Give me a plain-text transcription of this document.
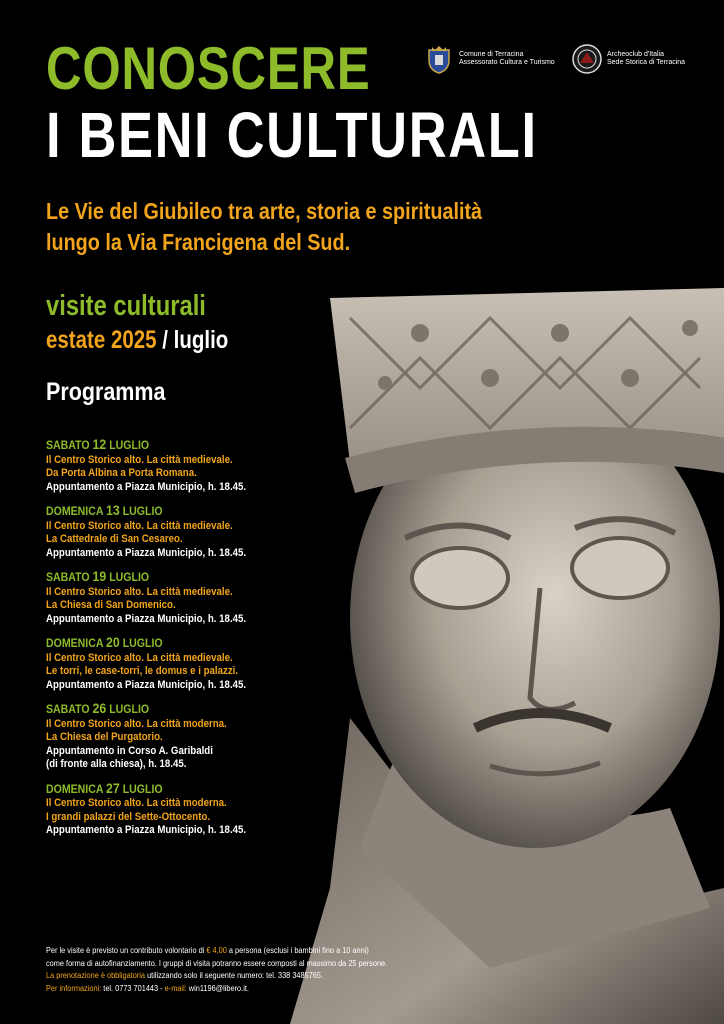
CONOSCERE
I BENI CULTURALI
Le Vie del Giubileo tra arte, storia e spiritualità
lungo la Via Francigena del Sud.
visite culturali
estate 2025 / luglio
Programma
SABATO 12 LUGLIO
Il Centro Storico alto. La città medievale.
Da Porta Albina a Porta Romana.
Appuntamento a Piazza Municipio, h. 18.45.
DOMENICA 13 LUGLIO
Il Centro Storico alto. La città medievale.
La Cattedrale di San Cesareo.
Appuntamento a Piazza Municipio, h. 18.45.
SABATO 19 LUGLIO
Il Centro Storico alto. La città medievale.
La Chiesa di San Domenico.
Appuntamento a Piazza Municipio, h. 18.45.
DOMENICA 20 LUGLIO
Il Centro Storico alto. La città medievale.
Le torri, le case-torri, le domus e i palazzi.
Appuntamento a Piazza Municipio, h. 18.45.
SABATO 26 LUGLIO
Il Centro Storico alto. La città moderna.
La Chiesa del Purgatorio.
Appuntamento in Corso A. Garibaldi
(di fronte alla chiesa), h. 18.45.
DOMENICA 27 LUGLIO
Il Centro Storico alto. La città moderna.
I grandi palazzi del Sette-Ottocento.
Appuntamento a Piazza Municipio, h. 18.45.
Comune di Terracina
Assessorato Cultura e Turismo
Archeoclub d'Italia
Sede Storica di Terracina
Per le visite è previsto un contributo volontario di € 4,00 a persona (esclusi i bambini fino a 10 anni)
come forma di autofinanziamento. I gruppi di visita potranno essere composti al massimo da 25 persone.
La prenotazione è obbligatoria utilizzando solo il seguente numero: tel. 338 3485765.
Per informazioni: tel. 0773 701443 - e-mail: win1196@libero.it.
